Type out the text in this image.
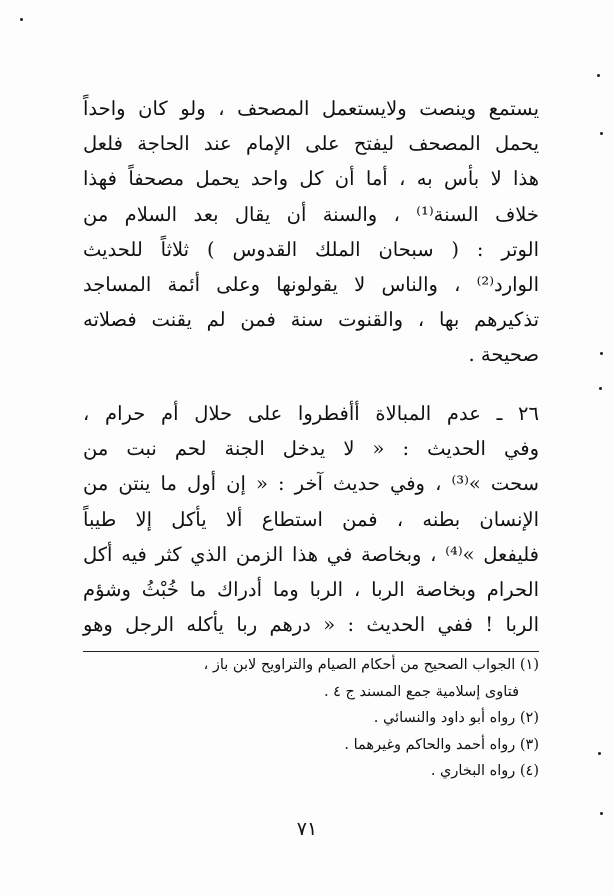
يستمع وينصت ولايستعمل المصحف ، ولو كان واحداً
يحمل المصحف ليفتح على الإمام عند الحاجة فلعل
هذا لا بأس به ، أما أن كل واحد يحمل مصحفاً فهذا
خلاف السنة⁽¹⁾ ، والسنة أن يقال بعد السلام من
الوتر : ( سبحان الملك القدوس ) ثلاثاً للحديث
الوارد⁽²⁾ ، والناس لا يقولونها وعلى أئمة المساجد
تذكيرهم بها ، والقنوت سنة فمن لم يقنت فصلاته
صحيحة .
٢٦ ـ عدم المبالاة أأفطروا على حلال أم حرام ،
وفي الحديث : « لا يدخل الجنة لحم نبت من
سحت »⁽³⁾ ، وفي حديث آخر : « إن أول ما ينتن من
الإنسان بطنه ، فمن استطاع ألا يأكل إلا طيباً
فليفعل »⁽⁴⁾ ، وبخاصة في هذا الزمن الذي كثر فيه أكل
الحرام وبخاصة الربا ، الربا وما أدراك ما خُبْثُ وشؤم
الربا ! ففي الحديث : « درهم ربا يأكله الرجل وهو
(١) الجواب الصحيح من أحكام الصيام والتراويح لابن باز ،
فتاوى إسلامية جمع المسند ج ٤ .
(٢) رواه أبو داود والنسائي .
(٣) رواه أحمد والحاكم وغيرهما .
(٤) رواه البخاري .
٧١
